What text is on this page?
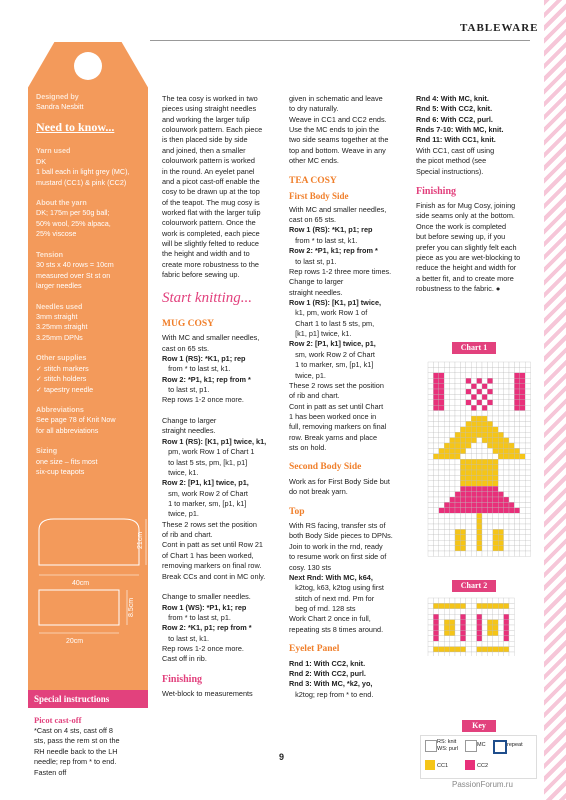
TABLEWARE
Designed by
Sandra Nesbitt
Need to know...
Yarn used
DK
1 ball each in light grey (MC),
mustard (CC1) & pink (CC2)
About the yarn
DK; 175m per 50g ball;
50% wool, 25% alpaca,
25% viscose
Tension
30 sts x 40 rows = 10cm
measured over St st on
larger needles
Needles used
3mm straight
3.25mm straight
3.25mm DPNs
Other supplies
✓ stitch markers
✓ stitch holders
✓ tapestry needle
Abbreviations
See page 78 of Knit Now
for all abbreviations
Sizing
one size – fits most
six-cup teapots
21cm
40cm
8.5cm
20cm
Special instructions
Picot cast-off
*Cast on 4 sts, cast off 8
sts, pass the rem st on the
RH needle back to the LH
needle; rep from * to end.
Fasten off
The tea cosy is worked in two
pieces using straight needles
and working the larger tulip
colourwork pattern. Each piece
is then placed side by side
and joined, then a smaller
colourwork pattern is worked
in the round. An eyelet panel
and a picot cast-off enable the
cosy to be drawn up at the top
of the teapot. The mug cosy is
worked flat with the larger tulip
colourwork pattern. Once the
work is completed, each piece
will be slightly felted to reduce
the height and width and to
create more robustness to the
fabric before sewing up.
Start knitting...
MUG COSY
With MC and smaller needles,
cast on 65 sts.
Row 1 (RS): *K1, p1; rep
from * to last st, k1.
Row 2: *P1, k1; rep from *
to last st, p1.
Rep rows 1-2 once more.

Change to larger
straight needles.
Row 1 (RS): [K1, p1] twice, k1,
pm, work Row 1 of Chart 1
to last 5 sts, pm, [k1, p1]
twice, k1.
Row 2: [P1, k1] twice, p1,
sm, work Row 2 of Chart
1 to marker, sm, [p1, k1]
twice, p1.
These 2 rows set the position
of rib and chart.
Cont in patt as set until Row 21
of Chart 1 has been worked,
removing markers on final row.
Break CCs and cont in MC only.

Change to smaller needles.
Row 1 (WS): *P1, k1; rep
from * to last st, p1.
Row 2: *K1, p1; rep from *
to last st, k1.
Rep rows 1-2 once more.
Cast off in rib.
Finishing
Wet-block to measurements
given in schematic and leave
to dry naturally.
Weave in CC1 and CC2 ends.
Use the MC ends to join the
two side seams together at the
top and bottom. Weave in any
other MC ends.
TEA COSY
First Body Side
With MC and smaller needles,
cast on 65 sts.
Row 1 (RS): *K1, p1; rep
from * to last st, k1.
Row 2: *P1, k1; rep from *
to last st, p1.
Rep rows 1-2 three more times.
Change to larger
straight needles.
Row 1 (RS): [K1, p1] twice,
k1, pm, work Row 1 of
Chart 1 to last 5 sts, pm,
[k1, p1] twice, k1.
Row 2: [P1, k1] twice, p1,
sm, work Row 2 of Chart
1 to marker, sm, [p1, k1]
twice, p1.
These 2 rows set the position
of rib and chart.
Cont in patt as set until Chart
1 has been worked once in
full, removing markers on final
row. Break yarns and place
sts on hold.
Second Body Side
Work as for First Body Side but
do not break yarn.
Top
With RS facing, transfer sts of
both Body Side pieces to DPNs.
Join to work in the rnd, ready
to resume work on first side of
cosy. 130 sts
Next Rnd: With MC, k64,
k2tog, k63, k2tog using first
stitch of next rnd. Pm for
beg of rnd. 128 sts
Work Chart 2 once in full,
repeating sts 8 times around.
Eyelet Panel
Rnd 1: With CC2, knit.
Rnd 2: With CC2, purl.
Rnd 3: With MC, *k2, yo,
k2tog; rep from * to end.
Rnd 4: With MC, knit.
Rnd 5: With CC2, knit.
Rnd 6: With CC2, purl.
Rnds 7-10: With MC, knit.
Rnd 11: With CC1, knit.
With CC1, cast off using
the picot method (see
Special instructions).
Finishing
Finish as for Mug Cosy, joining
side seams only at the bottom.
Once the work is completed
but before sewing up, if you
prefer you can slightly felt each
piece as you are wet-blocking to
reduce the height and width for
a better fit, and to create more
robustness to the fabric. ●
Chart 1
Chart 2
Key
RS: knit
WS: purl
MC	repeat
CC1	CC2
9
PassionForum.ru
